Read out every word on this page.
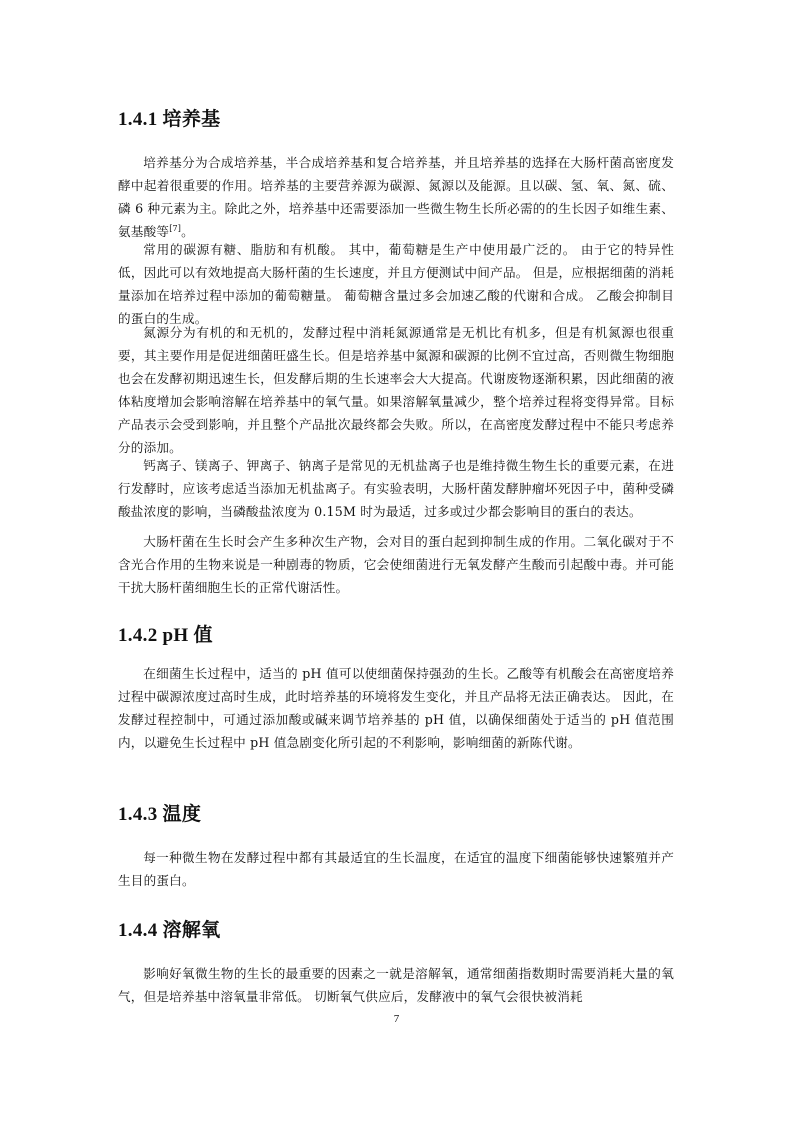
1.4.1 培养基

培养基分为合成培养基，半合成培养基和复合培养基，并且培养基的选择在大肠杆菌高密度发酵中起着很重要的作用。培养基的主要营养源为碳源、氮源以及能源。且以碳、氢、氧、氮、硫、磷 6 种元素为主。除此之外，培养基中还需要添加一些微生物生长所必需的的生长因子如维生素、氨基酸等[7]。

常用的碳源有糖、脂肪和有机酸。 其中，葡萄糖是生产中使用最广泛的。 由于它的特异性低，因此可以有效地提高大肠杆菌的生长速度，并且方便测试中间产品。 但是，应根据细菌的消耗量添加在培养过程中添加的葡萄糖量。 葡萄糖含量过多会加速乙酸的代谢和合成。 乙酸会抑制目的蛋白的生成。

氮源分为有机的和无机的，发酵过程中消耗氮源通常是无机比有机多，但是有机氮源也很重要，其主要作用是促进细菌旺盛生长。但是培养基中氮源和碳源的比例不宜过高，否则微生物细胞也会在发酵初期迅速生长，但发酵后期的生长速率会大大提高。代谢废物逐渐积累，因此细菌的液体粘度增加会影响溶解在培养基中的氧气量。如果溶解氧量减少，整个培养过程将变得异常。目标产品表示会受到影响，并且整个产品批次最终都会失败。所以，在高密度发酵过程中不能只考虑养分的添加。

钙离子、镁离子、钾离子、钠离子是常见的无机盐离子也是维持微生物生长的重要元素，在进行发酵时，应该考虑适当添加无机盐离子。有实验表明，大肠杆菌发酵肿瘤坏死因子中，菌种受磷酸盐浓度的影响，当磷酸盐浓度为 0.15M 时为最适，过多或过少都会影响目的蛋白的表达。

大肠杆菌在生长时会产生多种次生产物，会对目的蛋白起到抑制生成的作用。二氧化碳对于不含光合作用的生物来说是一种剧毒的物质，它会使细菌进行无氧发酵产生酸而引起酸中毒。并可能干扰大肠杆菌细胞生长的正常代谢活性。

1.4.2 pH 值

在细菌生长过程中，适当的 pH 值可以使细菌保持强劲的生长。乙酸等有机酸会在高密度培养过程中碳源浓度过高时生成，此时培养基的环境将发生变化，并且产品将无法正确表达。 因此，在发酵过程控制中，可通过添加酸或碱来调节培养基的 pH 值，以确保细菌处于适当的 pH 值范围内，以避免生长过程中 pH 值急剧变化所引起的不利影响，影响细菌的新陈代谢。

1.4.3 温度

每一种微生物在发酵过程中都有其最适宜的生长温度，在适宜的温度下细菌能够快速繁殖并产生目的蛋白。

1.4.4 溶解氧

影响好氧微生物的生长的最重要的因素之一就是溶解氧，通常细菌指数期时需要消耗大量的氧气，但是培养基中溶氧量非常低。 切断氧气供应后，发酵液中的氧气会很快被消耗

7
